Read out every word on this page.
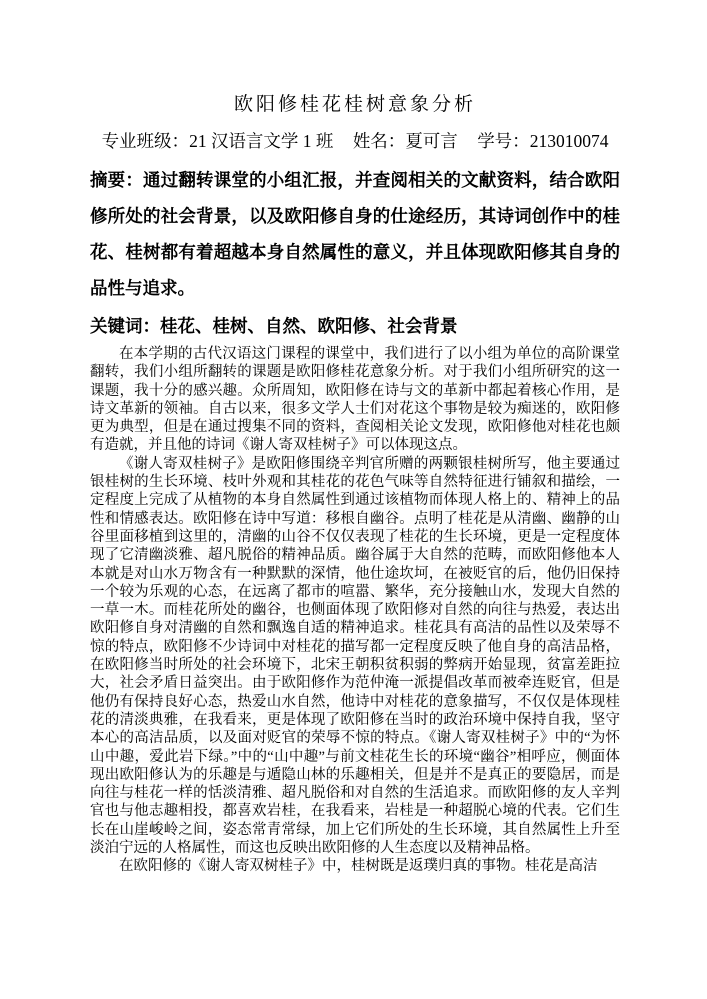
欧阳修桂花桂树意象分析

专业班级：21 汉语言文学 1 班 姓名：夏可言 学号：213010074

摘要：通过翻转课堂的小组汇报，并查阅相关的文献资料，结合欧阳修所处的社会背景，以及欧阳修自身的仕途经历，其诗词创作中的桂花、桂树都有着超越本身自然属性的意义，并且体现欧阳修其自身的品性与追求。

关键词：桂花、桂树、自然、欧阳修、社会背景

在本学期的古代汉语这门课程的课堂中，我们进行了以小组为单位的高阶课堂翻转，我们小组所翻转的课题是欧阳修桂花意象分析。对于我们小组所研究的这一课题，我十分的感兴趣。众所周知，欧阳修在诗与文的革新中都起着核心作用，是诗文革新的领袖。自古以来，很多文学人士们对花这个事物是较为痴迷的，欧阳修更为典型，但是在通过搜集不同的资料，查阅相关论文发现，欧阳修他对桂花也颇有造就，并且他的诗词《谢人寄双桂树子》可以体现这点。

《谢人寄双桂树子》是欧阳修围绕辛判官所赠的两颗银桂树所写，他主要通过银桂树的生长环境、枝叶外观和其桂花的花色气味等自然特征进行铺叙和描绘，一定程度上完成了从植物的本身自然属性到通过该植物而体现人格上的、精神上的品性和情感表达。欧阳修在诗中写道：移根自幽谷。点明了桂花是从清幽、幽静的山谷里面移植到这里的，清幽的山谷不仅仅表现了桂花的生长环境，更是一定程度体现了它清幽淡雅、超凡脱俗的精神品质。幽谷属于大自然的范畴，而欧阳修他本人本就是对山水万物含有一种默默的深情，他仕途坎坷，在被贬官的后，他仍旧保持一个较为乐观的心态，在远离了都市的喧嚣、繁华，充分接触山水，发现大自然的一草一木。而桂花所处的幽谷，也侧面体现了欧阳修对自然的向往与热爱，表达出欧阳修自身对清幽的自然和飘逸自适的精神追求。桂花具有高洁的品性以及荣辱不惊的特点，欧阳修不少诗词中对桂花的描写都一定程度反映了他自身的高洁品格，在欧阳修当时所处的社会环境下，北宋王朝积贫积弱的弊病开始显现，贫富差距拉大，社会矛盾日益突出。由于欧阳修作为范仲淹一派提倡改革而被牵连贬官，但是他仍有保持良好心态，热爱山水自然，他诗中对桂花的意象描写，不仅仅是体现桂花的清淡典雅，在我看来，更是体现了欧阳修在当时的政治环境中保持自我，坚守本心的高洁品质，以及面对贬官的荣辱不惊的特点。《谢人寄双桂树子》中的“为怀山中趣，爱此岩下绿。”中的“山中趣”与前文桂花生长的环境“幽谷”相呼应，侧面体现出欧阳修认为的乐趣是与遁隐山林的乐趣相关，但是并不是真正的要隐居，而是向往与桂花一样的恬淡清雅、超凡脱俗和对自然的生活追求。而欧阳修的友人辛判官也与他志趣相投，都喜欢岩桂，在我看来，岩桂是一种超脱心境的代表。它们生长在山崖峻岭之间，姿态常青常绿，加上它们所处的生长环境，其自然属性上升至淡泊宁远的人格属性，而这也反映出欧阳修的人生态度以及精神品格。

在欧阳修的《谢人寄双树桂子》中，桂树既是返璞归真的事物。桂花是高洁
